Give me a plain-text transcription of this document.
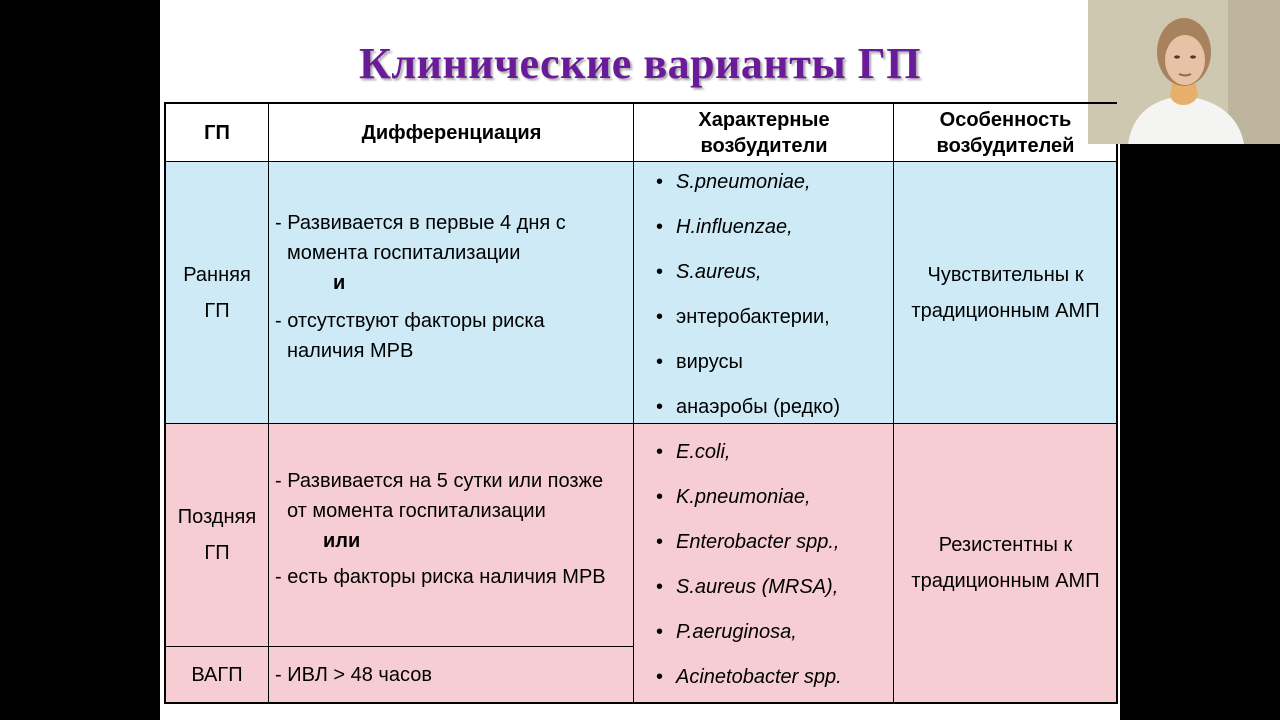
Клинические варианты ГП
ГП	Дифференциация
Характерные возбудители
Особенность возбудителей
Ранняя ГП
- Развивается в первые 4 дня с
момента госпитализации
и
- отсутствуют факторы риска
наличия МРВ
• S.pneumoniae,
• H.influenzae,
• S.aureus,
• энтеробактерии,
• вирусы
• анаэробы (редко)
Чувствительны к традиционным АМП
Поздняя ГП
- Развивается на 5 сутки или позже
от момента госпитализации
или
- есть факторы риска наличия МРВ
• E.coli,
• K.pneumoniae,
• Enterobacter spp.,
• S.aureus (MRSA),
• P.aeruginosa,
• Acinetobacter spp.
Резистентны к традиционным АМП
ВАГП	- ИВЛ > 48 часов
